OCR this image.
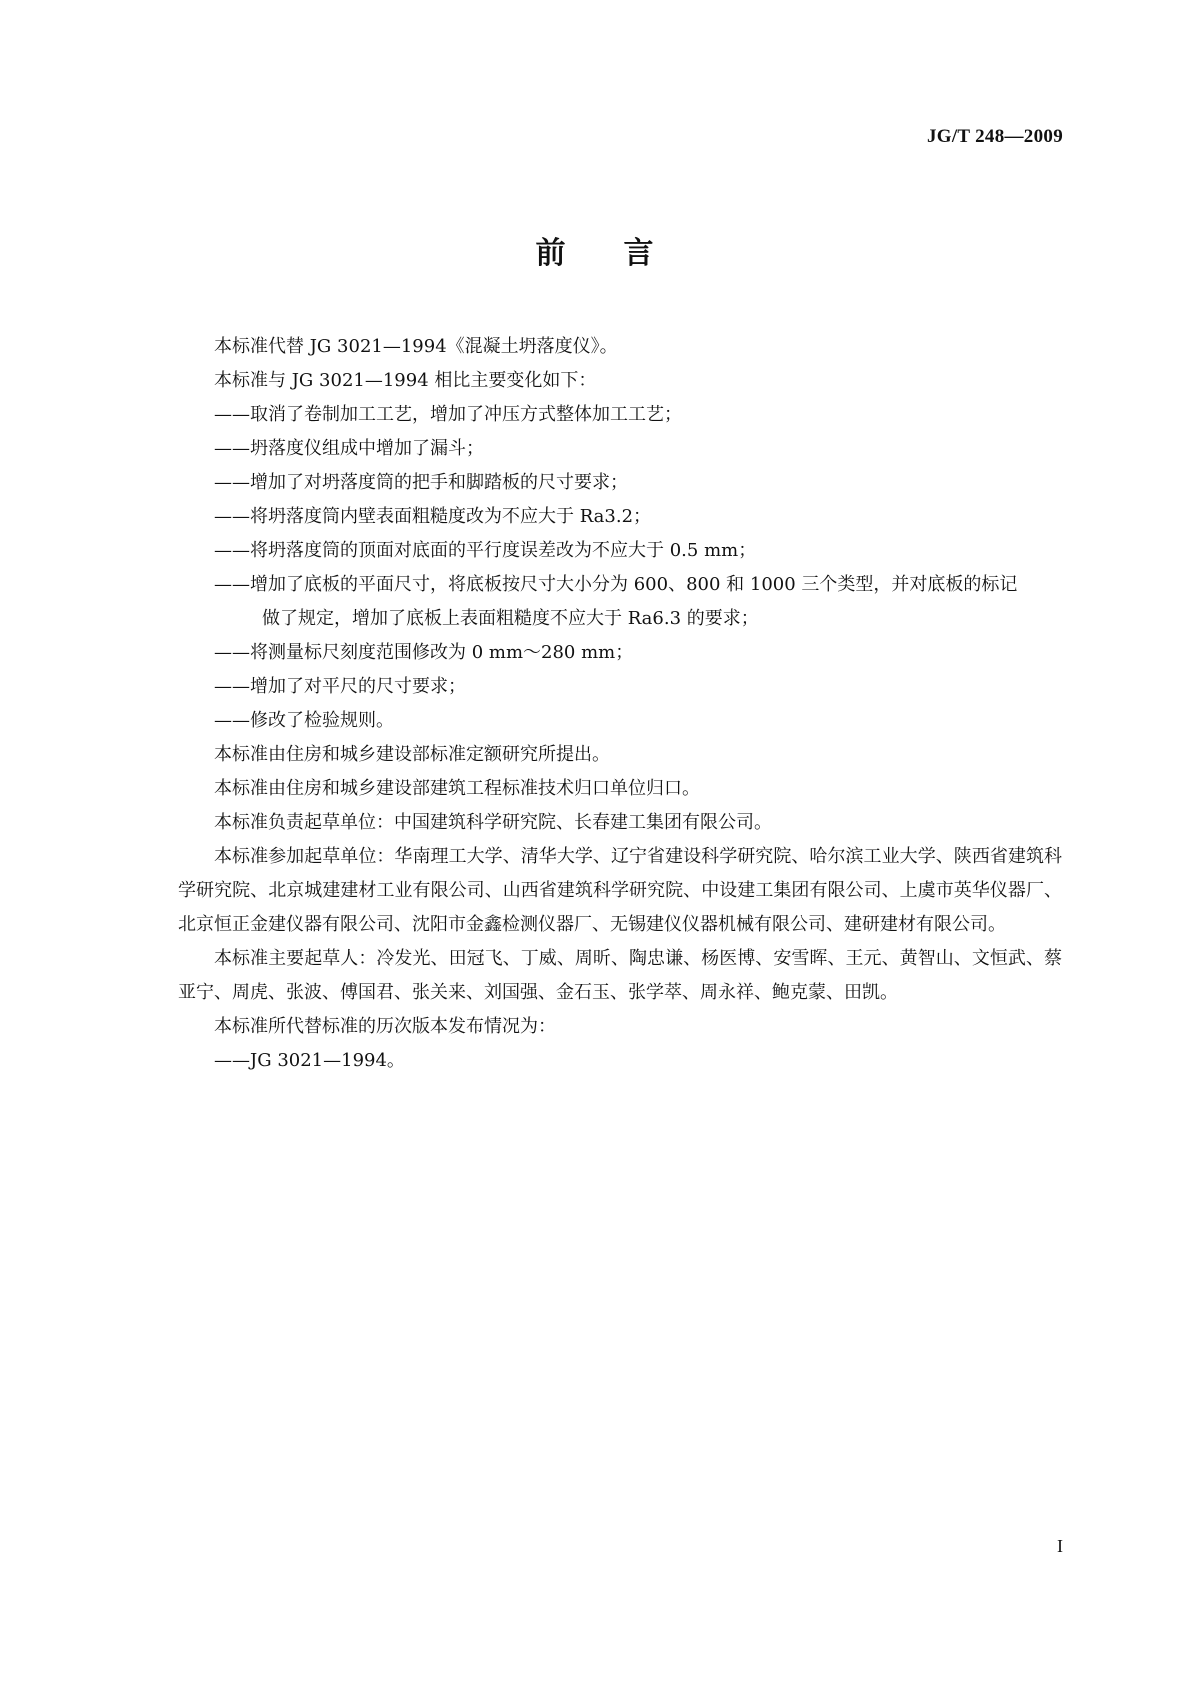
JG/T 248—2009
前 言

本标准代替 JG 3021—1994《混凝土坍落度仪》。

本标准与 JG 3021—1994 相比主要变化如下：

——取消了卷制加工工艺，增加了冲压方式整体加工工艺；

——坍落度仪组成中增加了漏斗；

——增加了对坍落度筒的把手和脚踏板的尺寸要求；

——将坍落度筒内壁表面粗糙度改为不应大于 Ra3.2；

——将坍落度筒的顶面对底面的平行度误差改为不应大于 0.5 mm；

——增加了底板的平面尺寸，将底板按尺寸大小分为 600、800 和 1000 三个类型，并对底板的标记
做了规定，增加了底板上表面粗糙度不应大于 Ra6.3 的要求；

——将测量标尺刻度范围修改为 0 mm～280 mm；

——增加了对平尺的尺寸要求；

——修改了检验规则。

本标准由住房和城乡建设部标准定额研究所提出。

本标准由住房和城乡建设部建筑工程标准技术归口单位归口。

本标准负责起草单位：中国建筑科学研究院、长春建工集团有限公司。

本标准参加起草单位：华南理工大学、清华大学、辽宁省建设科学研究院、哈尔滨工业大学、陕西省建筑科学研究院、北京城建建材工业有限公司、山西省建筑科学研究院、中设建工集团有限公司、上虞市英华仪器厂、北京恒正金建仪器有限公司、沈阳市金鑫检测仪器厂、无锡建仪仪器机械有限公司、建研建材有限公司。

本标准主要起草人：冷发光、田冠飞、丁威、周昕、陶忠谦、杨医博、安雪晖、王元、黄智山、文恒武、蔡亚宁、周虎、张波、傅国君、张关来、刘国强、金石玉、张学萃、周永祥、鲍克蒙、田凯。

本标准所代替标准的历次版本发布情况为：

——JG 3021—1994。

I
